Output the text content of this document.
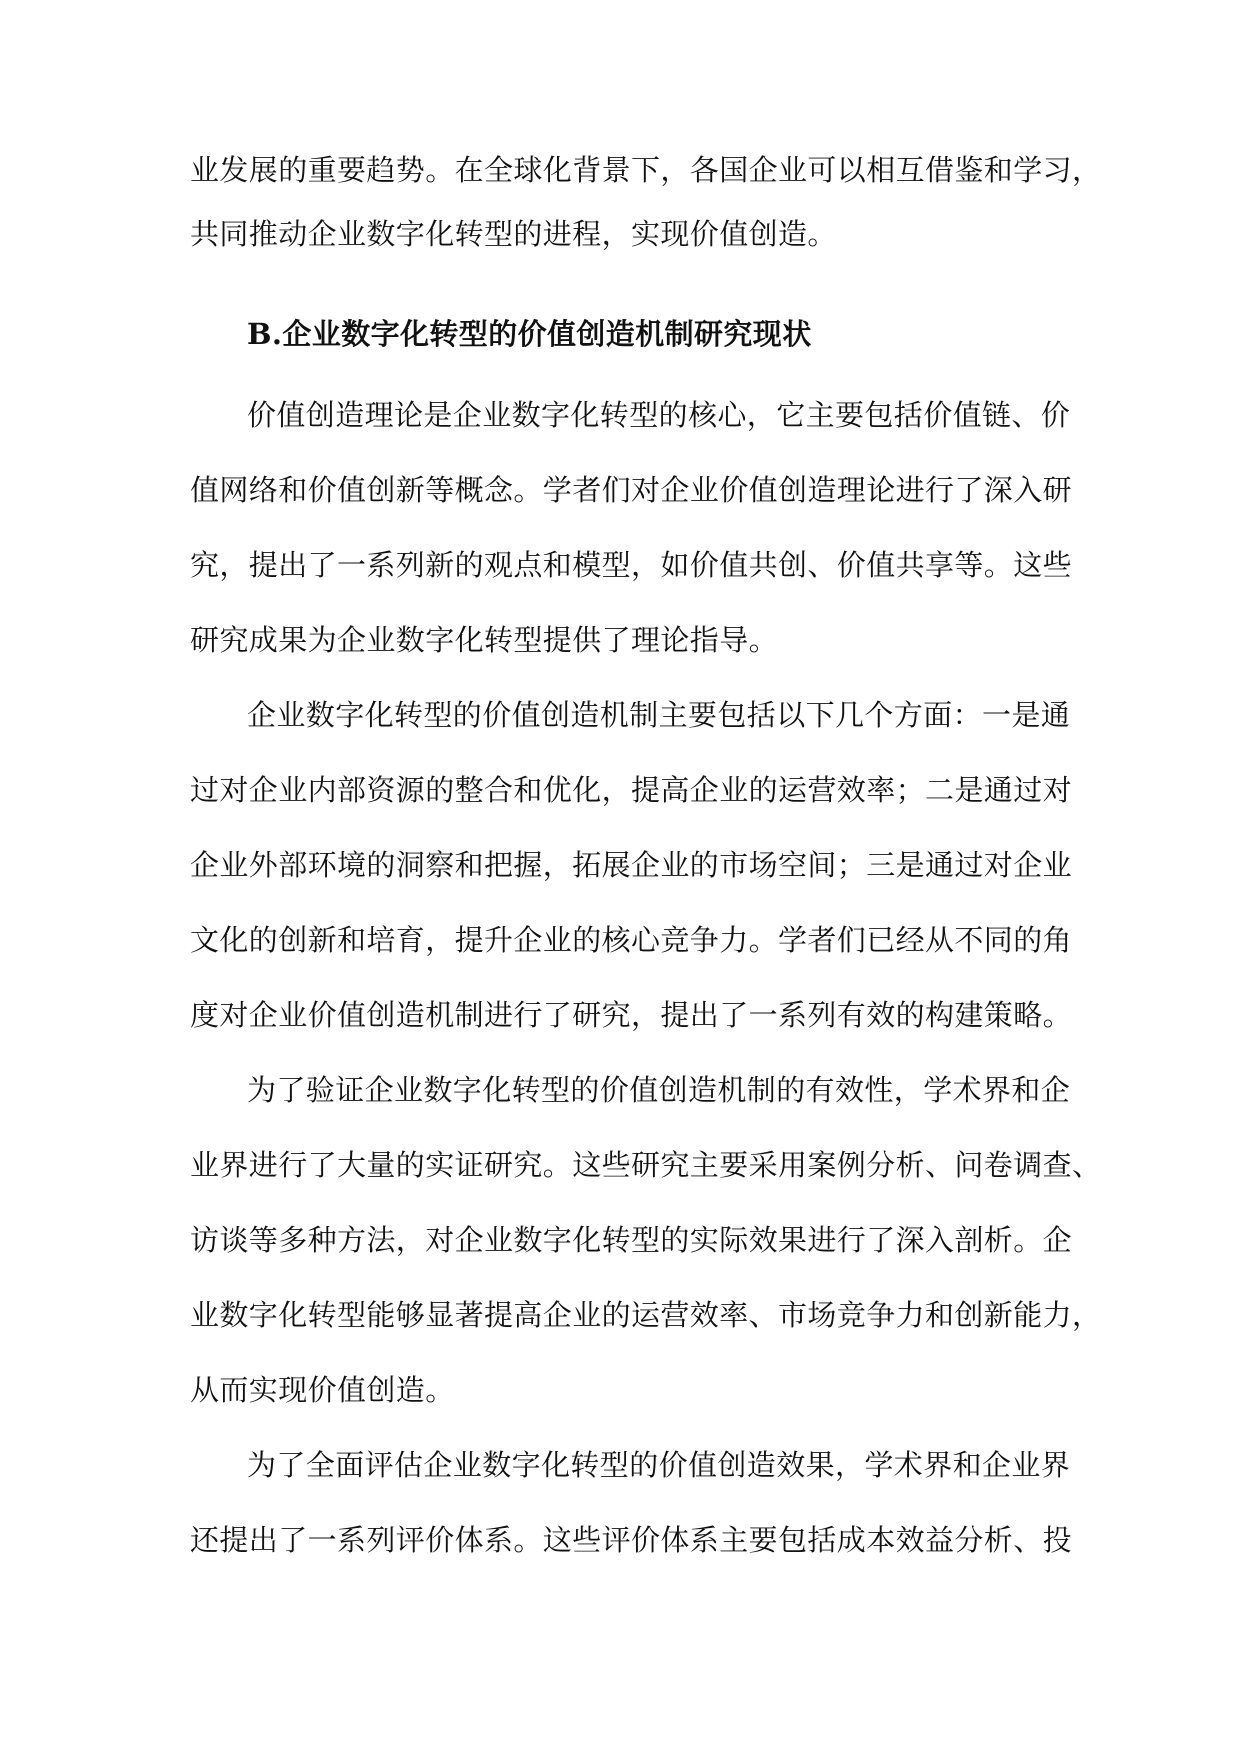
业发展的重要趋势。在全球化背景下，各国企业可以相互借鉴和学习，
共同推动企业数字化转型的进程，实现价值创造。
B.企业数字化转型的价值创造机制研究现状
价值创造理论是企业数字化转型的核心，它主要包括价值链、价
值网络和价值创新等概念。学者们对企业价值创造理论进行了深入研
究，提出了一系列新的观点和模型，如价值共创、价值共享等。这些
研究成果为企业数字化转型提供了理论指导。
企业数字化转型的价值创造机制主要包括以下几个方面：一是通
过对企业内部资源的整合和优化，提高企业的运营效率；二是通过对
企业外部环境的洞察和把握，拓展企业的市场空间；三是通过对企业
文化的创新和培育，提升企业的核心竞争力。学者们已经从不同的角
度对企业价值创造机制进行了研究，提出了一系列有效的构建策略。
为了验证企业数字化转型的价值创造机制的有效性，学术界和企
业界进行了大量的实证研究。这些研究主要采用案例分析、问卷调查、
访谈等多种方法，对企业数字化转型的实际效果进行了深入剖析。企
业数字化转型能够显著提高企业的运营效率、市场竞争力和创新能力，
从而实现价值创造。
为了全面评估企业数字化转型的价值创造效果，学术界和企业界
还提出了一系列评价体系。这些评价体系主要包括成本效益分析、投
